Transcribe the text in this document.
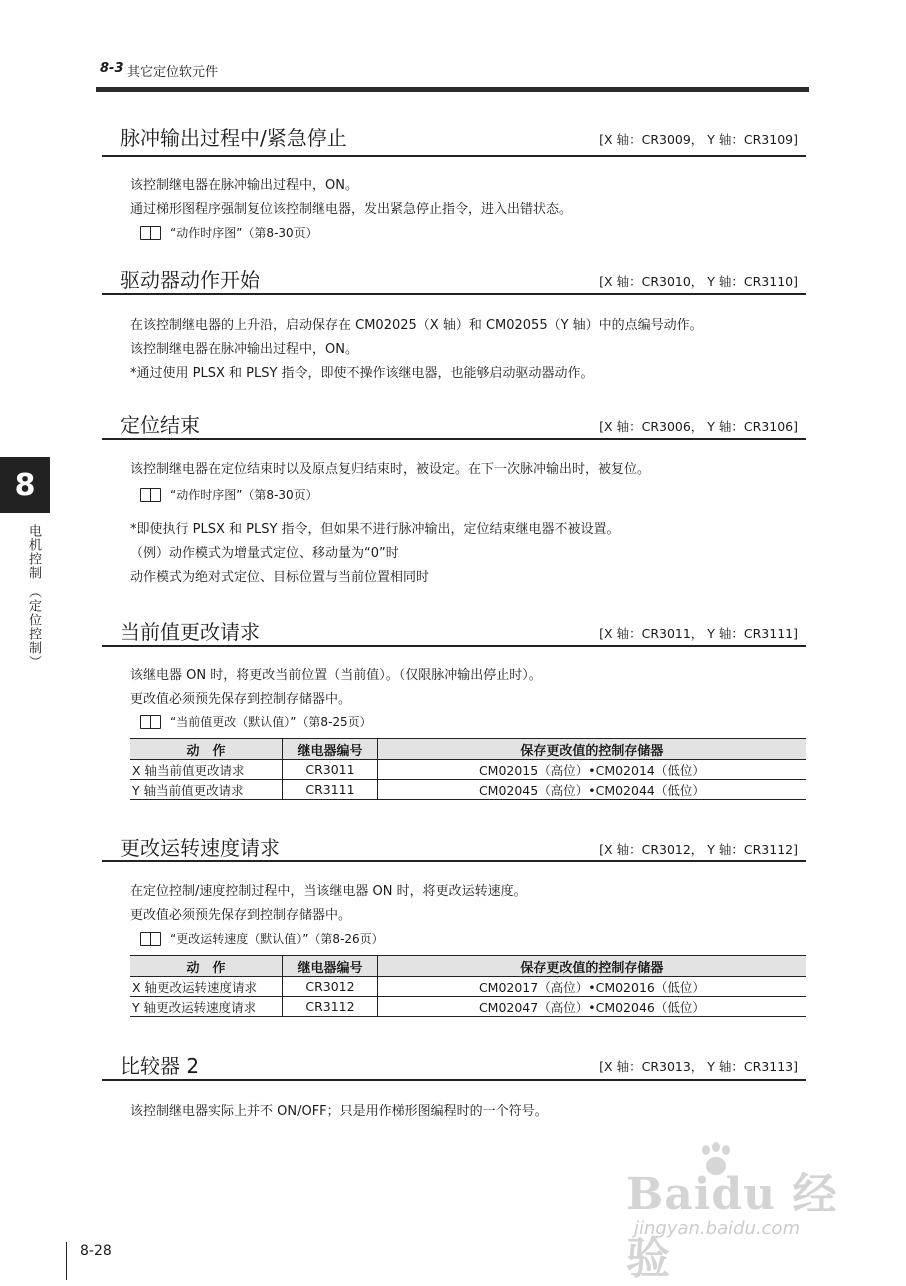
8-3 其它定位软元件
脉冲输出过程中/紧急停止	[X 轴：CR3009， Y 轴：CR3109]
该控制继电器在脉冲输出过程中，ON。
通过梯形图程序强制复位该控制继电器，发出紧急停止指令，进入出错状态。
“动作时序图”（第8-30页）
驱动器动作开始	[X 轴：CR3010， Y 轴：CR3110]
在该控制继电器的上升沿，启动保存在 CM02025（X 轴）和 CM02055（Y 轴）中的点编号动作。
该控制继电器在脉冲输出过程中，ON。
*通过使用 PLSX 和 PLSY 指令，即使不操作该继电器，也能够启动驱动器动作。
定位结束	[X 轴：CR3006， Y 轴：CR3106]
该控制继电器在定位结束时以及原点复归结束时，被设定。在下一次脉冲输出时，被复位。
“动作时序图”（第8-30页）
*即使执行 PLSX 和 PLSY 指令，但如果不进行脉冲输出，定位结束继电器不被设置。
（例）动作模式为增量式定位、移动量为“0”时
动作模式为绝对式定位、目标位置与当前位置相同时
当前值更改请求	[X 轴：CR3011， Y 轴：CR3111]
该继电器 ON 时，将更改当前位置（当前值）。（仅限脉冲输出停止时）。
更改值必须预先保存到控制存储器中。
“当前值更改（默认值）”（第8-25页）
动　作	继电器编号	保存更改值的控制存储器
X 轴当前值更改请求	CR3011	CM02015（高位）•CM02014（低位）
Y 轴当前值更改请求	CR3111	CM02045（高位）•CM02044（低位）
更改运转速度请求	[X 轴：CR3012， Y 轴：CR3112]
在定位控制/速度控制过程中，当该继电器 ON 时，将更改运转速度。
更改值必须预先保存到控制存储器中。
“更改运转速度（默认值）”（第8-26页）
动　作	继电器编号	保存更改值的控制存储器
X 轴更改运转速度请求	CR3012	CM02017（高位）•CM02016（低位）
Y 轴更改运转速度请求	CR3112	CM02047（高位）•CM02046（低位）
比较器 2	[X 轴：CR3013， Y 轴：CR3113]
该控制继电器实际上并不 ON/OFF；只是用作梯形图编程时的一个符号。
8
电机控制 （定位控制）
8-28
Baidu 经验
jingyan.baidu.com
